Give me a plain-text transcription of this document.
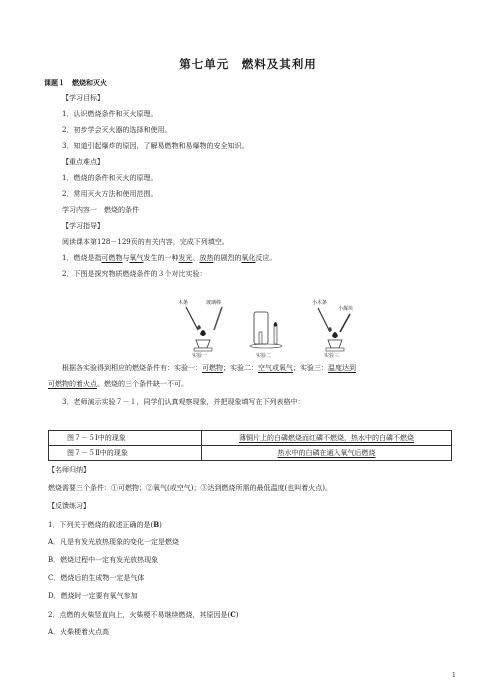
第七单元　燃料及其利用
课题１　燃烧和灭火
【学习目标】
1．认识燃烧条件和灭火原理。
2．初步学会灭火器的选择和使用。
3．知道引起爆炸的原因，了解易燃物和易爆物的安全知识。
【重点难点】
1．燃烧的条件和灭火的原理。
2．常用灭火方法和使用范围。
学习内容一　燃烧的条件
【学习指导】
阅读课本第128－129页的有关内容，完成下列填空。
1．燃烧是指可燃物与氧气发生的一种发光、放热的剧烈的氧化反应。
2．下图是探究物质燃烧条件的３个对比实验：
木条	玻璃棒
实验一	实验二
小木条
小煤块
实验三
根据各实验得到相应的燃烧条件有：实验一：可燃物；实验二：空气或氧气；实验三：温度达到
可燃物的着火点。燃烧的三个条件缺一不可。
3．老师演示实验７－１，同学们认真观察现象，并把现象填写在下列表格中：
图７－５Ⅰ中的现象	薄铜片上的白磷燃烧而红磷不燃烧，热水中的白磷不燃烧
图７－５Ⅱ中的现象	热水中的白磷在通入氧气后燃烧
【名师归纳】
燃烧需要三个条件：①可燃物；②氧气(或空气)；③达到燃烧所需的最低温度(也叫着火点)。
【反馈练习】
1．下列关于燃烧的叙述正确的是(B)
A．凡是有发光放热现象的变化一定是燃烧
B．燃烧过程中一定有发光放热现象
C．燃烧后的生成物一定是气体
D．燃烧时一定要有氧气参加
2．点燃的火柴竖直向上，火柴梗不易继续燃烧，其原因是(C)
A．火柴梗着火点高
1
